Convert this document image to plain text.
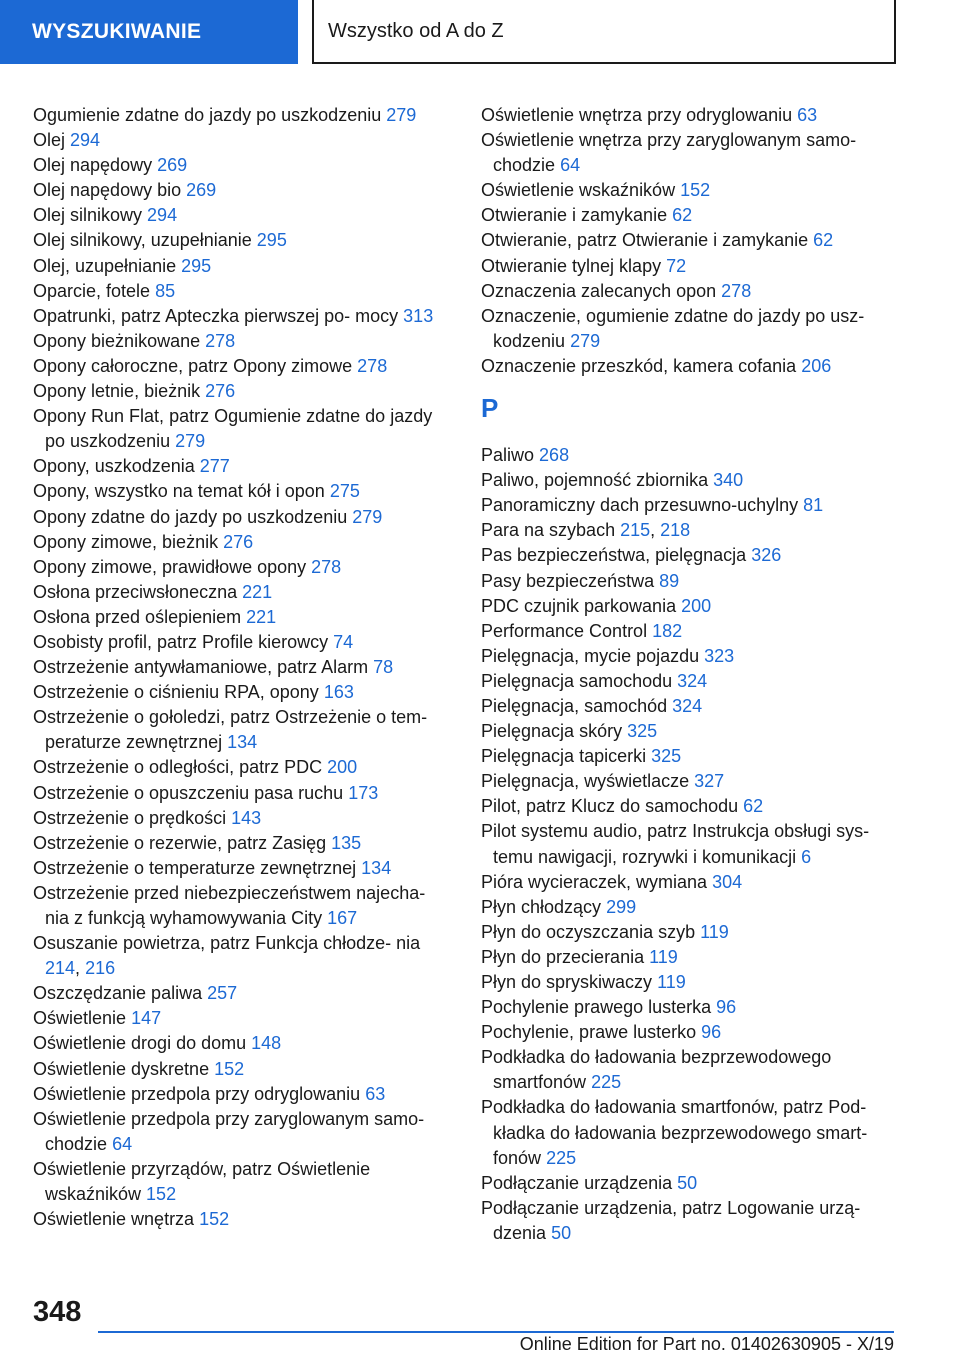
WYSZUKIWANIE	Wszystko od A do Z
Ogumienie zdatne do jazdy po uszkodzeniu 279
Olej 294
Olej napędowy 269
Olej napędowy bio 269
Olej silnikowy 294
Olej silnikowy, uzupełnianie 295
Olej, uzupełnianie 295
Oparcie, fotele 85
Opatrunki, patrz Apteczka pierwszej po‐ mocy 313
Opony bieżnikowane 278
Opony całoroczne, patrz Opony zimowe 278
Opony letnie, bieżnik 276
Opony Run Flat, patrz Ogumienie zdatne do jazdy po uszkodzeniu 279
Opony, uszkodzenia 277
Opony, wszystko na temat kół i opon 275
Opony zdatne do jazdy po uszkodzeniu 279
Opony zimowe, bieżnik 276
Opony zimowe, prawidłowe opony 278
Osłona przeciwsłoneczna 221
Osłona przed oślepieniem 221
Osobisty profil, patrz Profile kierowcy 74
Ostrzeżenie antywłamaniowe, patrz Alarm 78
Ostrzeżenie o ciśnieniu RPA, opony 163
Ostrzeżenie o gołoledzi, patrz Ostrzeżenie o tem‐ peraturze zewnętrznej 134
Ostrzeżenie o odległości, patrz PDC 200
Ostrzeżenie o opuszczeniu pasa ruchu 173
Ostrzeżenie o prędkości 143
Ostrzeżenie o rezerwie, patrz Zasięg 135
Ostrzeżenie o temperaturze zewnętrznej 134
Ostrzeżenie przed niebezpieczeństwem najecha‐ nia z funkcją wyhamowywania City 167
Osuszanie powietrza, patrz Funkcja chłodze‐ nia 214, 216
Oszczędzanie paliwa 257
Oświetlenie 147
Oświetlenie drogi do domu 148
Oświetlenie dyskretne 152
Oświetlenie przedpola przy odryglowaniu 63
Oświetlenie przedpola przy zaryglowanym samo‐ chodzie 64
Oświetlenie przyrządów, patrz Oświetlenie wskaźników 152
Oświetlenie wnętrza 152
Oświetlenie wnętrza przy odryglowaniu 63
Oświetlenie wnętrza przy zaryglowanym samo‐ chodzie 64
Oświetlenie wskaźników 152
Otwieranie i zamykanie 62
Otwieranie, patrz Otwieranie i zamykanie 62
Otwieranie tylnej klapy 72
Oznaczenia zalecanych opon 278
Oznaczenie, ogumienie zdatne do jazdy po usz‐ kodzeniu 279
Oznaczenie przeszkód, kamera cofania 206
P
Paliwo 268
Paliwo, pojemność zbiornika 340
Panoramiczny dach przesuwno-uchylny 81
Para na szybach 215, 218
Pas bezpieczeństwa, pielęgnacja 326
Pasy bezpieczeństwa 89
PDC czujnik parkowania 200
Performance Control 182
Pielęgnacja, mycie pojazdu 323
Pielęgnacja samochodu 324
Pielęgnacja, samochód 324
Pielęgnacja skóry 325
Pielęgnacja tapicerki 325
Pielęgnacja, wyświetlacze 327
Pilot, patrz Klucz do samochodu 62
Pilot systemu audio, patrz Instrukcja obsługi sys‐ temu nawigacji, rozrywki i komunikacji 6
Pióra wycieraczek, wymiana 304
Płyn chłodzący 299
Płyn do oczyszczania szyb 119
Płyn do przecierania 119
Płyn do spryskiwaczy 119
Pochylenie prawego lusterka 96
Pochylenie, prawe lusterko 96
Podkładka do ładowania bezprzewodowego smartfonów 225
Podkładka do ładowania smartfonów, patrz Pod‐ kładka do ładowania bezprzewodowego smart‐ fonów 225
Podłączanie urządzenia 50
Podłączanie urządzenia, patrz Logowanie urzą‐ dzenia 50
348
Online Edition for Part no. 01402630905 - X/19
